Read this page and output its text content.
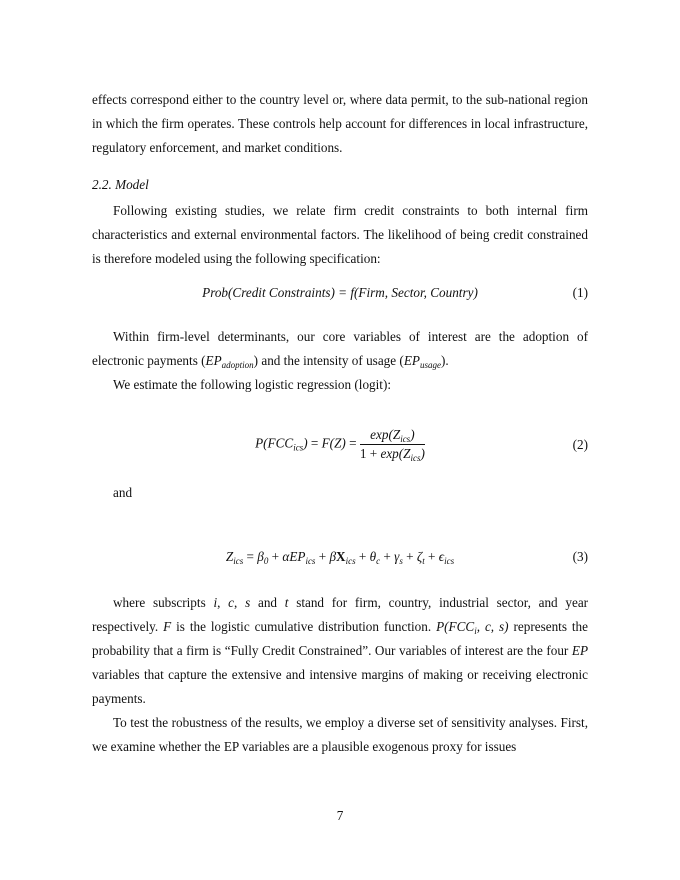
effects correspond either to the country level or, where data permit, to the sub-national region in which the firm operates. These controls help account for differences in local infrastructure, regulatory enforcement, and market conditions.

2.2. Model

Following existing studies, we relate firm credit constraints to both internal firm characteristics and external environmental factors. The likelihood of being credit constrained is therefore modeled using the following specification:

Prob(Credit Constraints) = f(Firm, Sector, Country)	(1)

Within firm-level determinants, our core variables of interest are the adoption of electronic payments $(EP_{adoption})$ and the intensity of usage $(EP_{usage})$.

We estimate the following logistic regression (logit):

$P(FCC_{ics}) = F(Z) = \frac{\exp(Z_{ics})}{1 + \exp(Z_{ics})}$	(2)

and

$Z_{ics} = \beta_0 + \alpha EP_{ics} + \beta X_{ics} + \theta_c + \gamma_s + \zeta_t + \epsilon_{ics}$	(3)

where subscripts i, c, s and t stand for firm, country, industrial sector, and year respectively. F is the logistic cumulative distribution function. $P(FCC_i$, c, s) represents the probability that a firm is “Fully Credit Constrained”. Our variables of interest are the four EP variables that capture the extensive and intensive margins of making or receiving electronic payments.

To test the robustness of the results, we employ a diverse set of sensitivity analyses. First, we examine whether the EP variables are a plausible exogenous proxy for issues

7
